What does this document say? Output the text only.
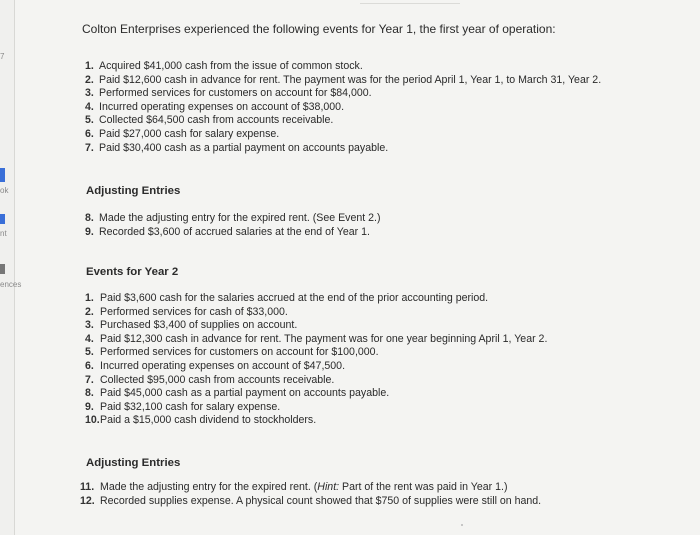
7
ok
nt
ences
Colton Enterprises experienced the following events for Year 1, the first year of operation:
1. Acquired $41,000 cash from the issue of common stock.
2. Paid $12,600 cash in advance for rent. The payment was for the period April 1, Year 1, to March 31, Year 2.
3. Performed services for customers on account for $84,000.
4. Incurred operating expenses on account of $38,000.
5. Collected $64,500 cash from accounts receivable.
6. Paid $27,000 cash for salary expense.
7. Paid $30,400 cash as a partial payment on accounts payable.
Adjusting Entries
8. Made the adjusting entry for the expired rent. (See Event 2.)
9. Recorded $3,600 of accrued salaries at the end of Year 1.
Events for Year 2
1. Paid $3,600 cash for the salaries accrued at the end of the prior accounting period.
2. Performed services for cash of $33,000.
3. Purchased $3,400 of supplies on account.
4. Paid $12,300 cash in advance for rent. The payment was for one year beginning April 1, Year 2.
5. Performed services for customers on account for $100,000.
6. Incurred operating expenses on account of $47,500.
7. Collected $95,000 cash from accounts receivable.
8. Paid $45,000 cash as a partial payment on accounts payable.
9. Paid $32,100 cash for salary expense.
10.Paid a $15,000 cash dividend to stockholders.
Adjusting Entries
11. Made the adjusting entry for the expired rent. (Hint: Part of the rent was paid in Year 1.)
12. Recorded supplies expense. A physical count showed that $750 of supplies were still on hand.
